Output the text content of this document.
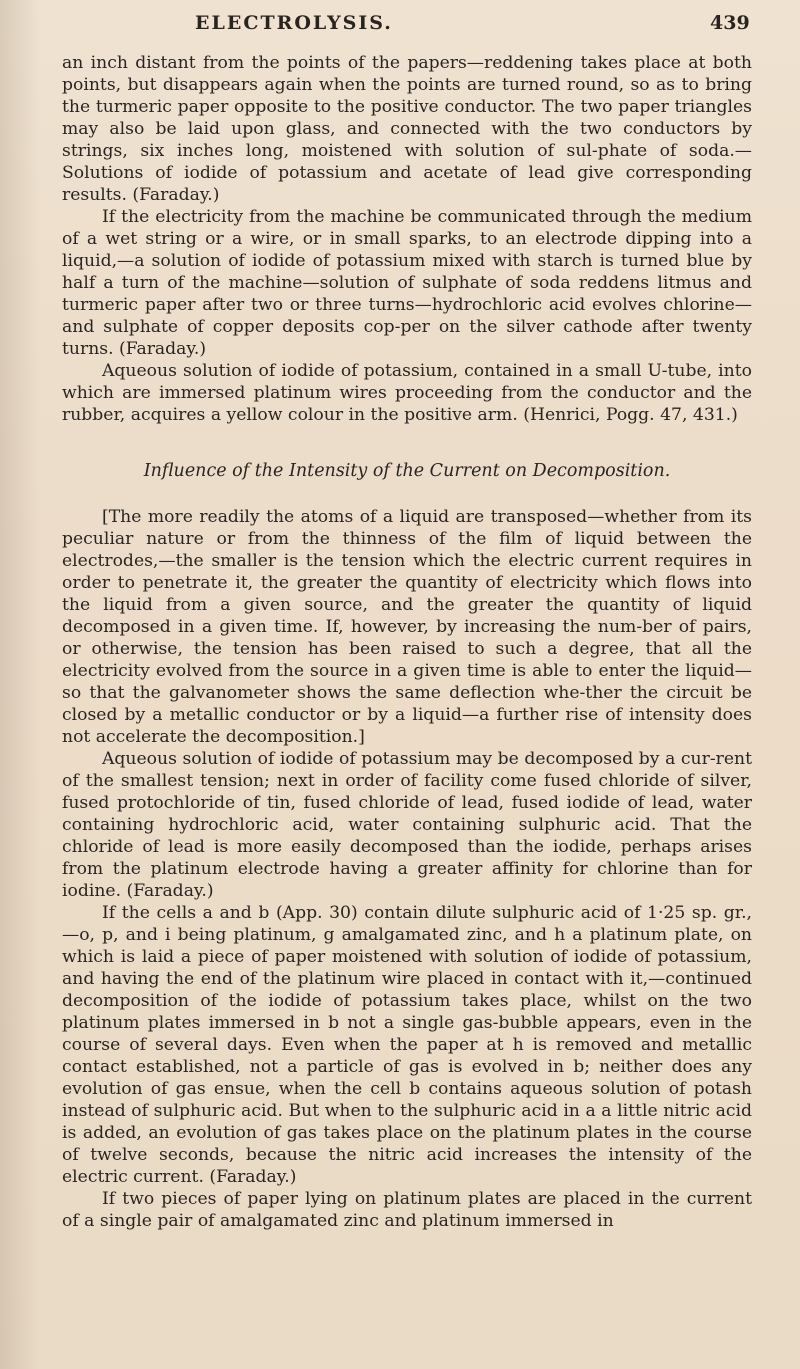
ELECTROLYSIS.	439

an inch distant from the points of the papers—reddening takes place at both points, but disappears again when the points are turned round, so as to bring the turmeric paper opposite to the positive conductor. The two paper triangles may also be laid upon glass, and connected with the two conductors by strings, six inches long, moistened with solution of sul-phate of soda.—Solutions of iodide of potassium and acetate of lead give corresponding results. (Faraday.)

If the electricity from the machine be communicated through the medium of a wet string or a wire, or in small sparks, to an electrode dipping into a liquid,—a solution of iodide of potassium mixed with starch is turned blue by half a turn of the machine—solution of sulphate of soda reddens litmus and turmeric paper after two or three turns—hydrochloric acid evolves chlorine—and sulphate of copper deposits cop-per on the silver cathode after twenty turns. (Faraday.)

Aqueous solution of iodide of potassium, contained in a small U-tube, into which are immersed platinum wires proceeding from the conductor and the rubber, acquires a yellow colour in the positive arm. (Henrici, Pogg. 47, 431.)

Influence of the Intensity of the Current on Decomposition.

[The more readily the atoms of a liquid are transposed—whether from its peculiar nature or from the thinness of the film of liquid between the electrodes,—the smaller is the tension which the electric current requires in order to penetrate it, the greater the quantity of electricity which flows into the liquid from a given source, and the greater the quantity of liquid decomposed in a given time. If, however, by increasing the num-ber of pairs, or otherwise, the tension has been raised to such a degree, that all the electricity evolved from the source in a given time is able to enter the liquid—so that the galvanometer shows the same deflection whe-ther the circuit be closed by a metallic conductor or by a liquid—a further rise of intensity does not accelerate the decomposition.]

Aqueous solution of iodide of potassium may be decomposed by a cur-rent of the smallest tension; next in order of facility come fused chloride of silver, fused protochloride of tin, fused chloride of lead, fused iodide of lead, water containing hydrochloric acid, water containing sulphuric acid. That the chloride of lead is more easily decomposed than the iodide, perhaps arises from the platinum electrode having a greater affinity for chlorine than for iodine. (Faraday.)

If the cells a and b (App. 30) contain dilute sulphuric acid of 1·25 sp. gr.,—o, p, and i being platinum, g amalgamated zinc, and h a platinum plate, on which is laid a piece of paper moistened with solution of iodide of potassium, and having the end of the platinum wire placed in contact with it,—continued decomposition of the iodide of potassium takes place, whilst on the two platinum plates immersed in b not a single gas-bubble appears, even in the course of several days. Even when the paper at h is removed and metallic contact established, not a particle of gas is evolved in b; neither does any evolution of gas ensue, when the cell b contains aqueous solution of potash instead of sulphuric acid. But when to the sulphuric acid in a a little nitric acid is added, an evolution of gas takes place on the platinum plates in the course of twelve seconds, because the nitric acid increases the intensity of the electric current. (Faraday.)

If two pieces of paper lying on platinum plates are placed in the current of a single pair of amalgamated zinc and platinum immersed in
